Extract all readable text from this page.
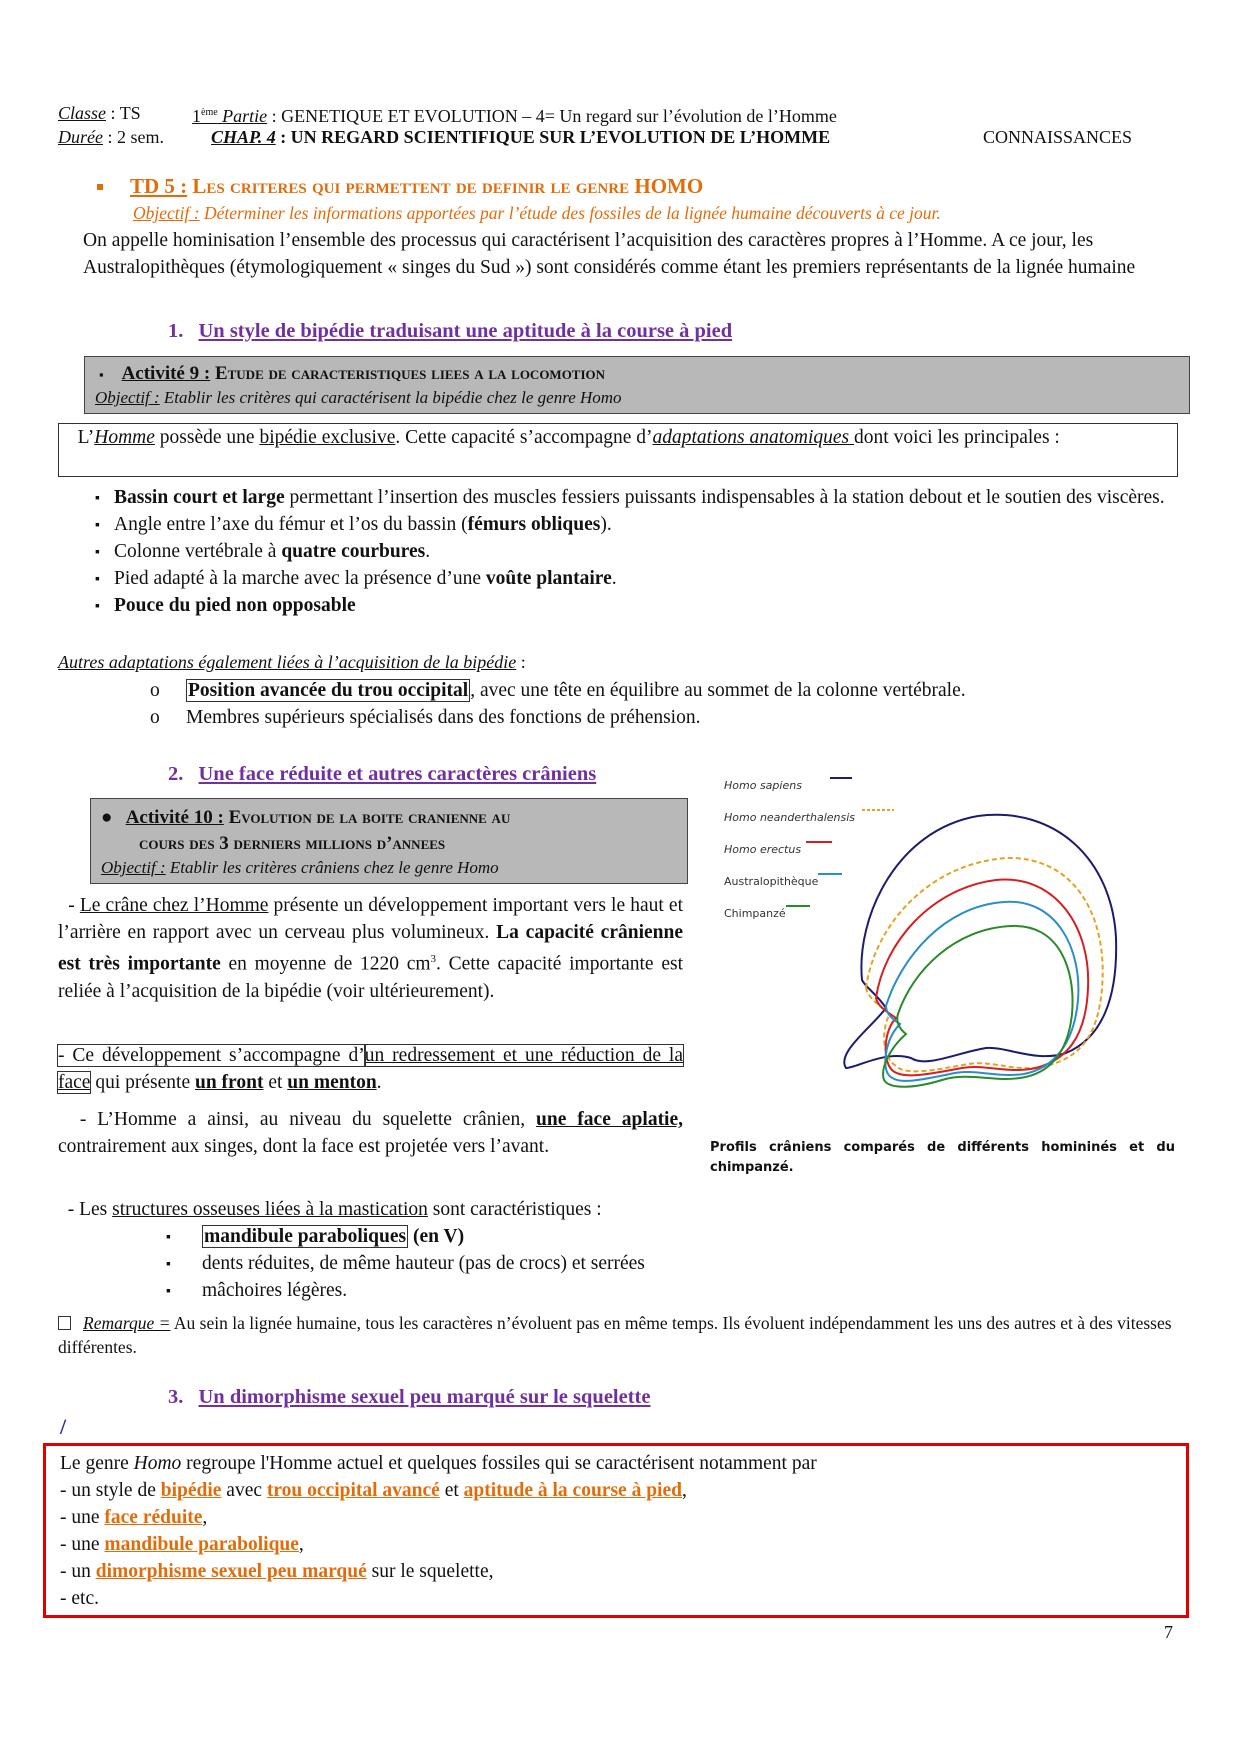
Classe : TS	1ème Partie : GENETIQUE ET EVOLUTION – 4= Un regard sur l’évolution de l’Homme
Durée : 2 sem.	CHAP. 4 : UN REGARD SCIENTIFIQUE SUR L’EVOLUTION DE L’HOMME	CONNAISSANCES
TD 5 : Les criteres qui permettent de definir le genre HOMO
Objectif : Déterminer les informations apportées par l’étude des fossiles de la lignée humaine découverts à ce jour.
On appelle hominisation l’ensemble des processus qui caractérisent l’acquisition des caractères propres à l’Homme. A ce jour, les Australopithèques (étymologiquement « singes du Sud ») sont considérés comme étant les premiers représentants de la lignée humaine
1. Un style de bipédie traduisant une aptitude à la course à pied
▪ Activité 9 : Etude de caracteristiques liees a la locomotion
Objectif : Etablir les critères qui caractérisent la bipédie chez le genre Homo
L’Homme possède une bipédie exclusive. Cette capacité s’accompagne d’adaptations anatomiques dont voici les principales :
▪ Bassin court et large permettant l’insertion des muscles fessiers puissants indispensables à la station debout et le soutien des viscères.
▪ Angle entre l’axe du fémur et l’os du bassin (fémurs obliques).
▪ Colonne vertébrale à quatre courbures.
▪ Pied adapté à la marche avec la présence d’une voûte plantaire.
▪ Pouce du pied non opposable
Autres adaptations également liées à l’acquisition de la bipédie :
o Position avancée du trou occipital , avec une tête en équilibre au sommet de la colonne vertébrale.
o Membres supérieurs spécialisés dans des fonctions de préhension.
2. Une face réduite et autres caractères crâniens
● Activité 10 : Evolution de la boite cranienne au
cours des 3 derniers millions d’annees
Objectif : Etablir les critères crâniens chez le genre Homo
- Le crâne chez l’Homme présente un développement important vers le haut et l’arrière en rapport avec un cerveau plus volumineux. La capacité crânienne est très importante en moyenne de 1220 $cm^3$. Cette capacité importante est reliée à l’acquisition de la bipédie (voir ultérieurement).
- Ce développement s’accompagne d’un redressement et une réduction de la face qui présente un front et un menton.
- L’Homme a ainsi, au niveau du squelette crânien, une face aplatie, contrairement aux singes, dont la face est projetée vers l’avant.
- Les structures osseuses liées à la mastication sont caractéristiques :
▪ mandibule paraboliques (en V)
▪ dents réduites, de même hauteur (pas de crocs) et serrées
▪ mâchoires légères.
Remarque = Au sein la lignée humaine, tous les caractères n’évoluent pas en même temps. Ils évoluent indépendamment les uns des autres et à des vitesses différentes.
Homo sapiens
Homo neanderthalensis
Homo erectus
Australopithèque
Chimpanzé
Profils crâniens comparés de différents homininés et du chimpanzé.
3. Un dimorphisme sexuel peu marqué sur le squelette
/
Le genre Homo regroupe l'Homme actuel et quelques fossiles qui se caractérisent notamment par
- un style de bipédie avec trou occipital avancé et aptitude à la course à pied,
- une face réduite,
- une mandibule parabolique,
- un dimorphisme sexuel peu marqué sur le squelette,
- etc.
7
